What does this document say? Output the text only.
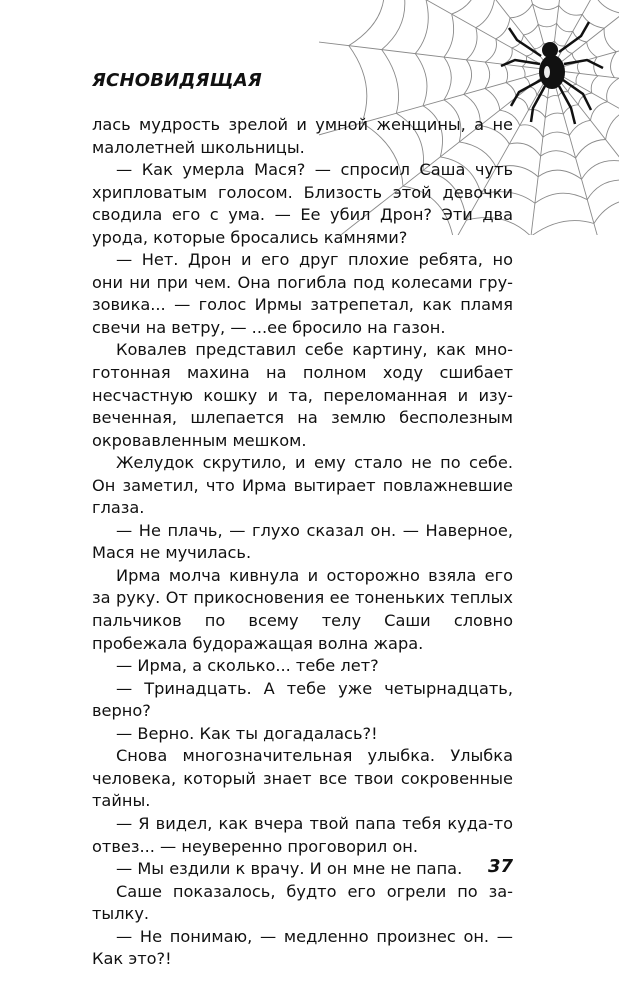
ЯСНОВИДЯЩАЯ

лась мудрость зрелой и умной женщины, а не малолетней школьницы.

— Как умерла Мася? — спросил Саша чуть хрипловатым голосом. Близость этой девочки сводила его с ума. — Ее убил Дрон? Эти два урода, которые бросались камнями?

— Нет. Дрон и его друг плохие ребята, но они ни при чем. Она погибла под колесами грузовика... — голос Ирмы затрепетал, как пламя свечи на ветру, — ...ее бросило на газон.

Ковалев представил себе картину, как многотонная махина на полном ходу сшибает несчастную кошку и та, переломанная и изувеченная, шлепается на землю бесполезным окровавленным мешком.

Желудок скрутило, и ему стало не по себе. Он заметил, что Ирма вытирает повлажневшие глаза.

— Не плачь, — глухо сказал он. — Наверное, Мася не мучилась.

Ирма молча кивнула и осторожно взяла его за руку. От прикосновения ее тоненьких теплых пальчиков по всему телу Саши словно пробежала будоражащая волна жара.

— Ирма, а сколько... тебе лет?

— Тринадцать. А тебе уже четырнадцать, верно?

— Верно. Как ты догадалась?!

Снова многозначительная улыбка. Улыбка человека, который знает все твои сокровенные тайны.

— Я видел, как вчера твой папа тебя куда-то отвез... — неуверенно проговорил он.

— Мы ездили к врачу. И он мне не папа.

Саше показалось, будто его огрели по затылку.

— Не понимаю, — медленно произнес он. — Как это?!

37
